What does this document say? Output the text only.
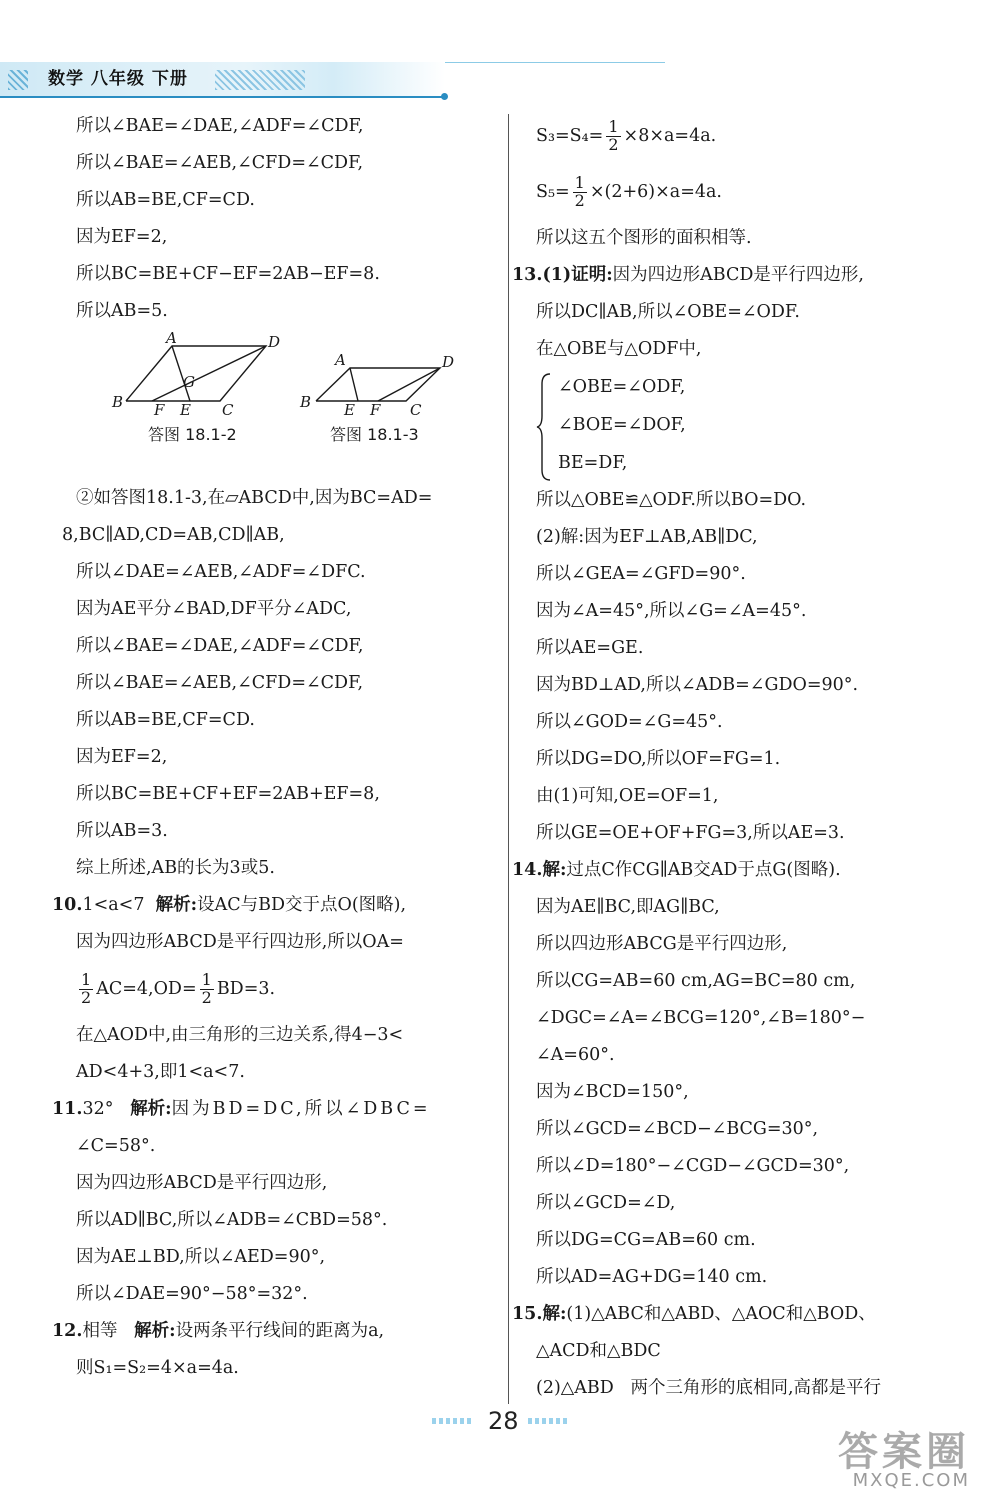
数学 八年级 下册
所以∠BAE=∠DAE,∠ADF=∠CDF,
所以∠BAE=∠AEB,∠CFD=∠CDF,
所以AB=BE,CF=CD.
因为EF=2,
所以BC=BE+CF−EF=2AB−EF=8.
所以AB=5.
A	D
G
B F E C
A	D
B E F C
答图 18.1-2	答图 18.1-3
②如答图18.1-3,在▱ABCD中,因为BC=AD=
8,BC∥AD,CD=AB,CD∥AB,
所以∠DAE=∠AEB,∠ADF=∠DFC.
因为AE平分∠BAD,DF平分∠ADC,
所以∠BAE=∠DAE,∠ADF=∠CDF,
所以∠BAE=∠AEB,∠CFD=∠CDF,
所以AB=BE,CF=CD.
因为EF=2,
所以BC=BE+CF+EF=2AB+EF=8,
所以AB=3.
综上所述,AB的长为3或5.
10.1<a<7 解析:设AC与BD交于点O(图略),
因为四边形ABCD是平行四边形,所以OA=
$\frac{1}{2} AC=4,OD= \frac{1}{2} BD=3$.
在△AOD中,由三角形的三边关系,得4−3<
AD<4+3,即1<a<7.
11.32° 解析:因为BD=DC,所以∠DBC=
∠C=58°.
因为四边形ABCD是平行四边形,
所以AD∥BC,所以∠ADB=∠CBD=58°.
因为AE⊥BD,所以∠AED=90°,
所以∠DAE=90°−58°=32°.
12.相等 解析:设两条平行线间的距离为a,
则S₁=S₂=4×a=4a.
$S_3=S_4= \frac{1}{2} \times 8\times a=4a$.
$S_5= \frac{1}{2} \times(2+6)\times a=4a$.
所以这五个图形的面积相等.
13.(1)证明:因为四边形ABCD是平行四边形,
所以DC∥AB,所以∠OBE=∠ODF.
在△OBE与△ODF中,
∠OBE=∠ODF,
∠BOE=∠DOF,
BE=DF,
所以△OBE≌△ODF.所以BO=DO.
(2)解:因为EF⊥AB,AB∥DC,
所以∠GEA=∠GFD=90°.
因为∠A=45°,所以∠G=∠A=45°.
所以AE=GE.
因为BD⊥AD,所以∠ADB=∠GDO=90°.
所以∠GOD=∠G=45°.
所以DG=DO,所以OF=FG=1.
由(1)可知,OE=OF=1,
所以GE=OE+OF+FG=3,所以AE=3.
14.解:过点C作CG∥AB交AD于点G(图略).
因为AE∥BC,即AG∥BC,
所以四边形ABCG是平行四边形,
所以CG=AB=60 cm,AG=BC=80 cm,
∠DGC=∠A=∠BCG=120°,∠B=180°−
∠A=60°.
因为∠BCD=150°,
所以∠GCD=∠BCD−∠BCG=30°,
所以∠D=180°−∠CGD−∠GCD=30°,
所以∠GCD=∠D,
所以DG=CG=AB=60 cm.
所以AD=AG+DG=140 cm.
15.解:(1)△ABC和△ABD、△AOC和△BOD、
△ACD和△BDC
(2)△ABD   两个三角形的底相同,高都是平行
28
答案圈
MXQE.COM
